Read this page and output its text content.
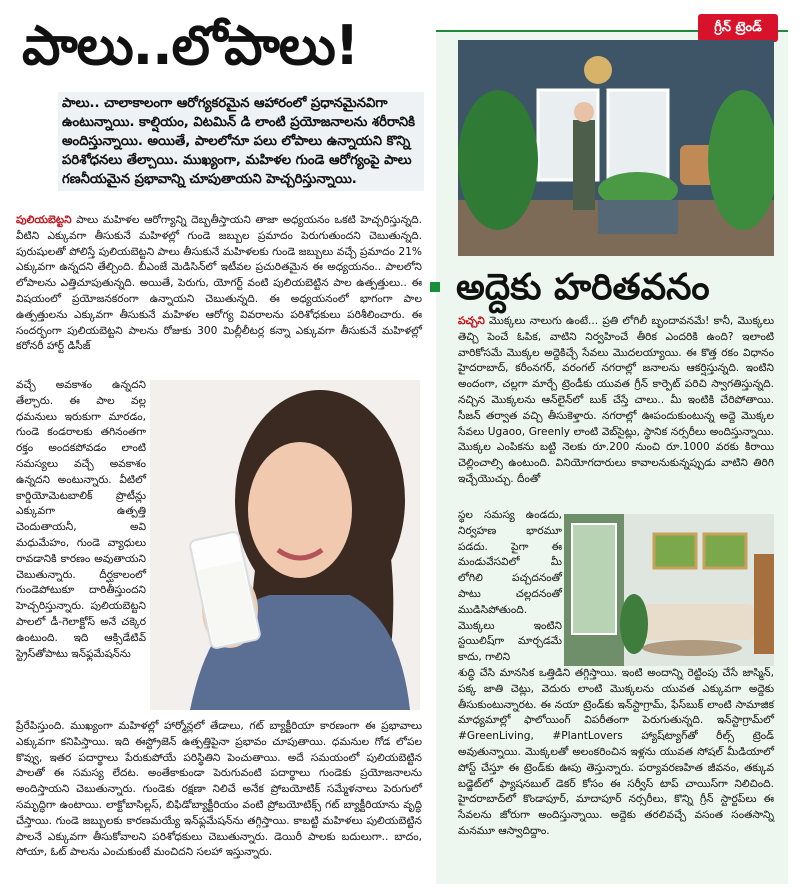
పాలు..లోపాలు!
పాలు.. చాలాకాలంగా ఆరోగ్యకరమైన ఆహారంలో ప్రధానమైనవిగా ఉంటున్నాయి. కాల్షియం, విటమిన్ డి లాంటి ప్రయోజనాలను శరీరానికి అందిస్తున్నాయి. అయితే, పాలలోనూ పలు లోపాలు ఉన్నాయని కొన్ని పరిశోధనలు తేల్చాయి. ముఖ్యంగా, మహిళల గుండె ఆరోగ్యంపై పాలు గణనీయమైన ప్రభావాన్ని చూపుతాయని హెచ్చరిస్తున్నాయి.
పులియబెట్టని పాలు మహిళల ఆరోగ్యాన్ని దెబ్బతీస్తాయని తాజా అధ్యయనం ఒకటి హెచ్చరిస్తున్నది. వీటిని ఎక్కువగా తీసుకునే మహిళల్లో గుండె జబ్బుల ప్రమాదం పెరుగుతుందని చెబుతున్నది. పురుషులతో పోలిస్తే పులియబెట్టని పాలు తీసుకునే మహిళలకు గుండె జబ్బులు వచ్చే ప్రమాదం 21% ఎక్కువగా ఉన్నదని తేల్చింది. బీఎంజే మెడిసిన్‌లో ఇటీవల ప్రచురితమైన ఈ అధ్యయనం.. పాలలోని లోపాలను ఎత్తిచూపుతున్నది. అయితే, పెరుగు, యోగర్ట్ వంటి పులియబెట్టిన పాల ఉత్పత్తులు.. ఈ విషయంలో ప్రయోజనకరంగా ఉన్నాయని చెబుతున్నది. ఈ అధ్యయనంలో భాగంగా పాల ఉత్పత్తులను ఎక్కువగా తీసుకునే మహిళల ఆరోగ్య వివరాలను పరిశోధకులు పరిశీలించారు. ఈ సందర్భంగా పులియబెట్టని పాలను రోజుకు 300 మిల్లీలీటర్ల కన్నా ఎక్కువగా తీసుకునే మహిళల్లో కరోనరీ హార్ట్ డిసీజ్
వచ్చే అవకాశం ఉన్నదని తేల్చారు. ఈ పాల వల్ల ధమనులు ఇరుకుగా మారడం, గుండె కండరాలకు తగినంతగా రక్తం అందకపోవడం లాంటి సమస్యలు వచ్చే అవకాశం ఉన్నదని అంటున్నారు. వీటిలో కార్డియోమెటబాలిక్ ప్రొటీన్లు ఎక్కువగా ఉత్పత్తి చెందుతాయనీ, అవి మధుమేహం, గుండె వ్యాధులు రావడానికి కారణం అవుతాయని చెబుతున్నారు. దీర్ఘకాలంలో గుండెపోటుకూ దారితీస్తుందని హెచ్చరిస్తున్నారు. పులియబెట్టని పాలలో డీ-గెలాక్టోస్ అనే చక్కెర ఉంటుంది. ఇది ఆక్సిడేటివ్ స్ట్రెస్‌తోపాటు ఇన్‌ఫ్లమేషన్‌ను
ప్రేరేపిస్తుంది. ముఖ్యంగా మహిళల్లో హార్మోన్లలో తేడాలు, గట్ బ్యాక్టీరియా కారణంగా ఈ ప్రభావాలు ఎక్కువగా కనిపిస్తాయి. ఇది ఈస్ట్రోజెన్ ఉత్పత్తిపైనా ప్రభావం చూపుతాయి. ధమనుల గోడ లోపల కొవ్వు, ఇతర పదార్థాలు పేరుకుపోయే పరిస్థితిని పెంచుతాయి. అదే సమయంలో పులియబెట్టిన పాలతో ఈ సమస్య లేదట. అంతేకాకుండా పెరుగువంటి పదార్థాలు గుండెకు ప్రయోజనాలను అందిస్తాయని చెబుతున్నారు. గుండెకు రక్షణా నిలిచే అనేక ప్రోబయోటిక్ సమ్మేళనాలు పెరుగులో సమృద్ధిగా ఉంటాయి. లాక్టోబాసిల్లస్, బిఫిడోబ్యాక్టీరియం వంటి ప్రోబయోటిక్స్ గట్ బ్యాక్టీరియాను వృద్ధి చేస్తాయి. గుండె జబ్బులకు కారణమయ్యే ఇన్‌ఫ్లమేషన్‌ను తగ్గిస్తాయి. కాబట్టి మహిళలు పులియబెట్టిన పాలనే ఎక్కువగా తీసుకోవాలని పరిశోధకులు చెబుతున్నారు. డెయిరీ పాలకు బదులుగా.. బాదం, సోయా, ఓట్ పాలను ఎంచుకుంటే మంచిదని సలహా ఇస్తున్నారు.
గ్రీన్ ట్రెండ్
అద్దెకు హరితవనం
పచ్చని మొక్కలు నాలుగు ఉంటే... ప్రతి లోగిలీ బృందావనమే! కానీ, మొక్కలు తెచ్చి పెంచే ఓపిక, వాటిని నిర్వహించే తీరిక ఎందరికి ఉంది? ఇలాంటి వారికోసమే మొక్కల అద్దెకిచ్చే సేవలు మొదలయ్యాయి. ఈ కొత్త రకం విధానం హైదరాబాద్, కరీంనగర్, వరంగల్ నగరాల్లో జనాలను ఆకర్షిస్తున్నది. ఇంటిని అందంగా, చల్లగా మార్చే ట్రెండీకు యువత గ్రీన్ కార్పెట్ పరిచి స్వాగతిస్తున్నది. నచ్చిన మొక్కలను ఆన్‌లైన్‌లో బుక్ చేస్తే చాలు.. మీ ఇంటికి చేరిపోతాయి. సీజన్ తర్వాత వచ్చి తీసుకెళ్తారు. నగరాల్లో ఊపందుకుంటున్న అద్దె మొక్కల సేవలు Ugaoo, Greenly లాంటి వెబ్‌సైట్లు, స్థానిక నర్సరీలు అందిస్తున్నాయి. మొక్కల ఎంపికను బట్టి నెలకు రూ.200 నుంచి రూ.1000 వరకు కిరాయి చెల్లించాల్సి ఉంటుంది. వినియోగదారులు కావాలనుకున్నప్పుడు వాటిని తిరిగి ఇచ్చేయొచ్చు. దీంతో
స్థల సమస్య ఉండదు, నిర్వహణ భారమూ పడదు. పైగా ఈ మండువేసవిలో మీ లోగిలి పచ్చదనంతో పాటు చల్లదనంతో ముడిసిపోతుంది. మొక్కలు ఇంటిని స్టయిలిష్‌గా మార్చడమే కాదు, గాలిని
శుద్ధి చేసి మానసిక ఒత్తిడిని తగ్గిస్తాయి. ఇంటి అందాన్ని రెట్టింపు చేసే జాస్మిన్, పక్క జాతి చెట్లు, వెదురు లాంటి మొక్కలను యువత ఎక్కువగా అద్దెకు తీసుకుంటున్నారట. ఈ నయా ట్రెండ్‌కు ఇన్‌స్టాగ్రామ్, ఫేస్‌బుక్ లాంటి సామాజిక మాధ్యమాల్లో ఫాలోయింగ్ విపరీతంగా పెరుగుతున్నది. ఇన్‌స్టాగ్రామ్‌లో #GreenLiving, #PlantLovers హ్యాష్‌ట్యాగ్‌తో రీల్స్ ట్రెండ్ అవుతున్నాయి. మొక్కలతో అలంకరించిన ఇళ్లను యువత సోషల్ మీడియాలో పోస్ట్ చేస్తూ ఈ ట్రెండ్‌కు ఊపు తెస్తున్నారు. పర్యావరణహిత జీవనం, తక్కువ బడ్జెట్‌లో ఫ్యాషనబుల్ డెకర్ కోసం ఈ సర్వీస్ టాప్ చాయిస్‌గా నిలిచింది. హైదరాబాద్‌లో కొండాపూర్, మాదాపూర్ నర్సరీలు, కొన్ని గ్రీన్ స్టార్టప్‌లు ఈ సేవలను జోరుగా అందిస్తున్నాయి. అద్దెకు తరలివచ్చే వసంత సంతసాన్ని మనమూ ఆస్వాదిద్దాం.
